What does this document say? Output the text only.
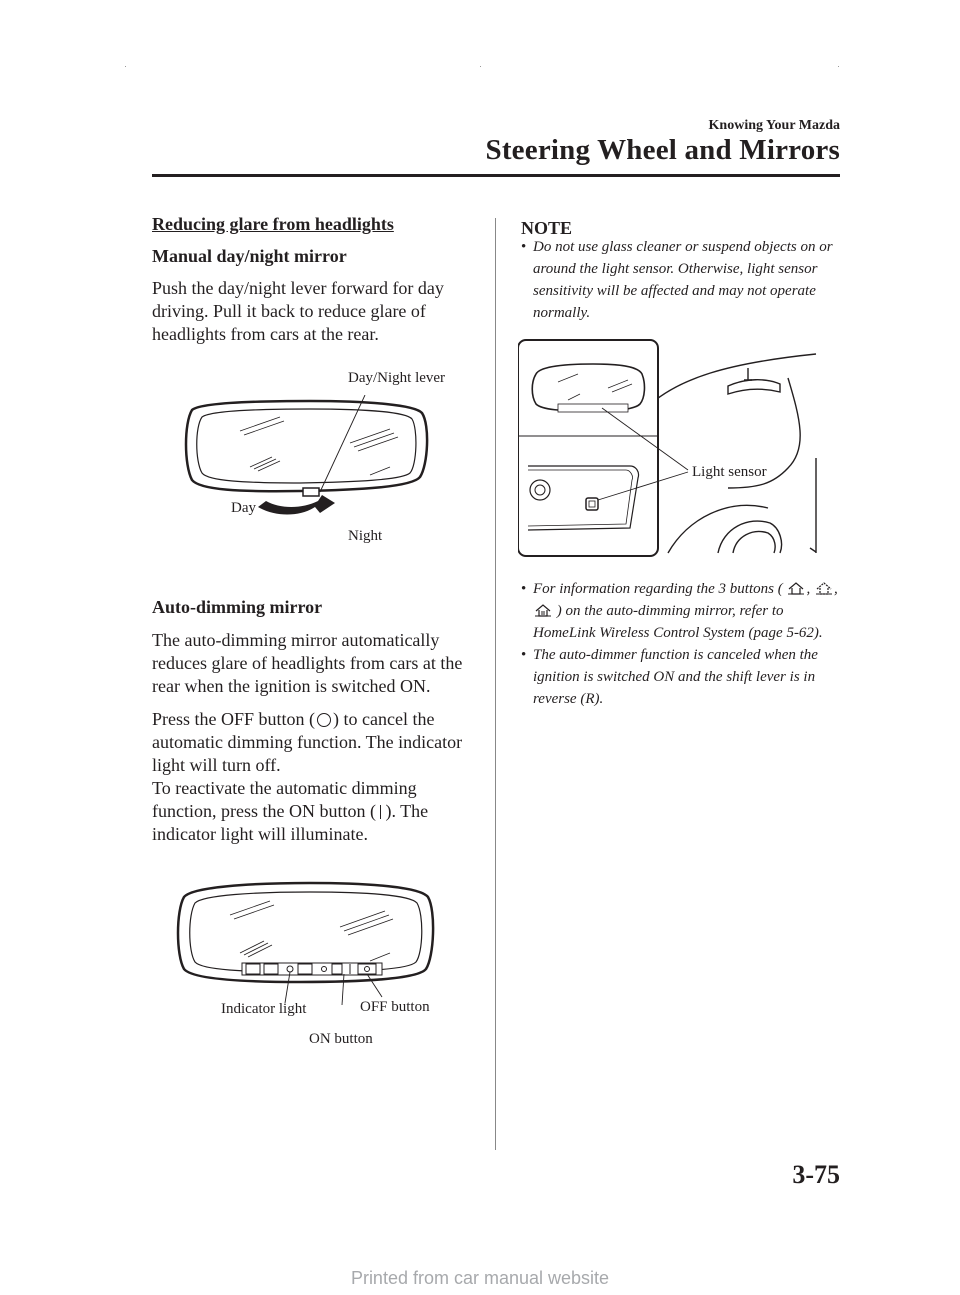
Knowing Your Mazda
Steering Wheel and Mirrors
Reducing glare from headlights
Manual day/night mirror
Push the day/night lever forward for day driving. Pull it back to reduce glare of headlights from cars at the rear.
Day/Night lever
Day
Night
Auto-dimming mirror
The auto-dimming mirror automatically reduces glare of headlights from cars at the rear when the ignition is switched ON.
Press the OFF button ( ) to cancel the automatic dimming function. The indicator light will turn off.
To reactivate the automatic dimming function, press the ON button ( ). The indicator light will illuminate.
Indicator light	OFF button
ON button
NOTE
• Do not use glass cleaner or suspend objects on or around the light sensor. Otherwise, light sensor sensitivity will be affected and may not operate normally.
Light sensor
• For information regarding the 3 buttons ( , ,  ) on the auto-dimming mirror, refer to HomeLink Wireless Control System (page 5-62).
• The auto-dimmer function is canceled when the ignition is switched ON and the shift lever is in reverse (R).
3-75
Printed from car manual website
